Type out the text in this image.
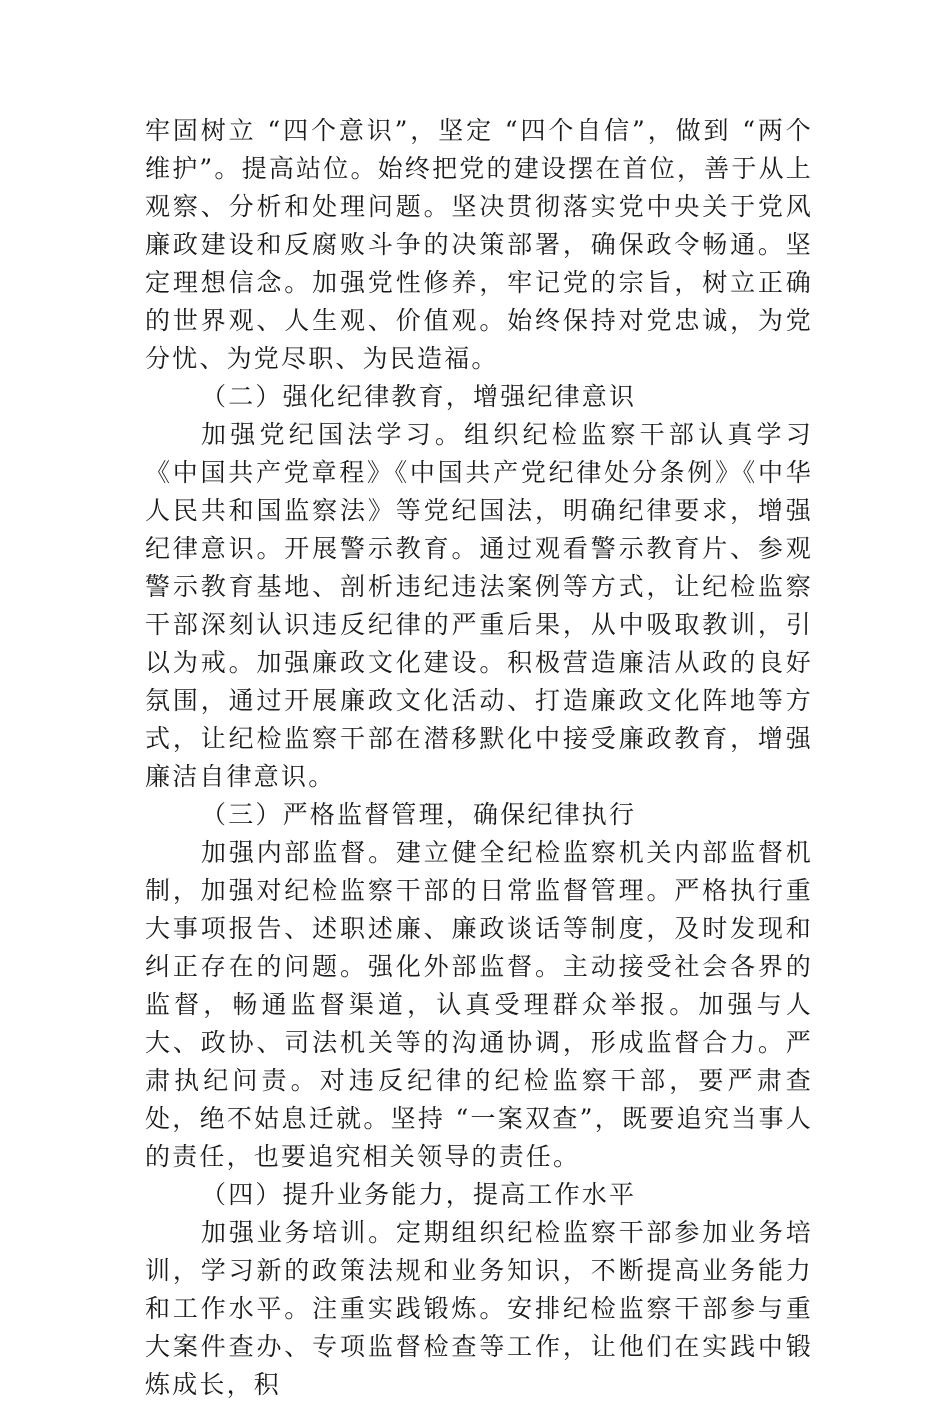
牢固树立 “四个意识”，坚定 “四个自信”，做到 “两个维护”。提高站位。始终把党的建设摆在首位，善于从上观察、分析和处理问题。坚决贯彻落实党中央关于党风廉政建设和反腐败斗争的决策部署，确保政令畅通。坚定理想信念。加强党性修养，牢记党的宗旨，树立正确的世界观、人生观、价值观。始终保持对党忠诚，为党分忧、为党尽职、为民造福。

（二）强化纪律教育，增强纪律意识

加强党纪国法学习。组织纪检监察干部认真学习《中国共产党章程》《中国共产党纪律处分条例》《中华人民共和国监察法》等党纪国法，明确纪律要求，增强纪律意识。开展警示教育。通过观看警示教育片、参观警示教育基地、剖析违纪违法案例等方式，让纪检监察干部深刻认识违反纪律的严重后果，从中吸取教训，引以为戒。加强廉政文化建设。积极营造廉洁从政的良好氛围，通过开展廉政文化活动、打造廉政文化阵地等方式，让纪检监察干部在潜移默化中接受廉政教育，增强廉洁自律意识。

（三）严格监督管理，确保纪律执行

加强内部监督。建立健全纪检监察机关内部监督机制，加强对纪检监察干部的日常监督管理。严格执行重大事项报告、述职述廉、廉政谈话等制度，及时发现和纠正存在的问题。强化外部监督。主动接受社会各界的监督，畅通监督渠道，认真受理群众举报。加强与人大、政协、司法机关等的沟通协调，形成监督合力。严肃执纪问责。对违反纪律的纪检监察干部，要严肃查处，绝不姑息迁就。坚持 “一案双查”，既要追究当事人的责任，也要追究相关领导的责任。

（四）提升业务能力，提高工作水平

加强业务培训。定期组织纪检监察干部参加业务培训，学习新的政策法规和业务知识，不断提高业务能力和工作水平。注重实践锻炼。安排纪检监察干部参与重大案件查办、专项监督检查等工作，让他们在实践中锻炼成长，积
